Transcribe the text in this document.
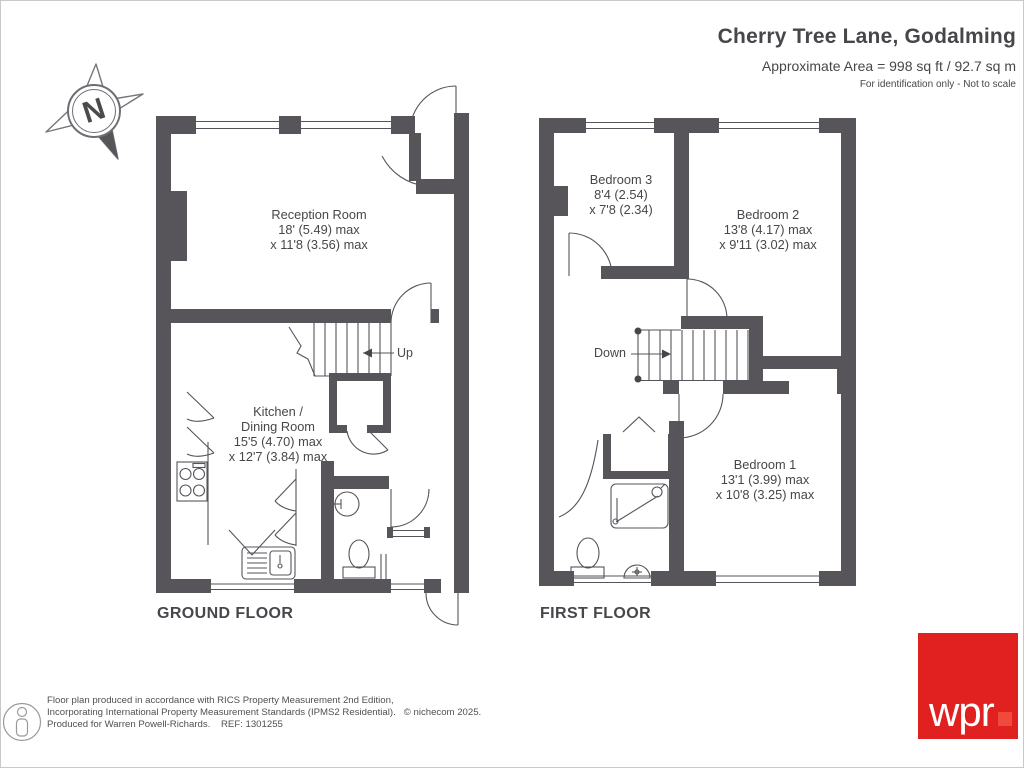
Cherry Tree Lane, Godalming
Approximate Area = 998 sq ft / 92.7 sq m
For identification only - Not to scale
N
Reception Room
18' (5.49) max
x 11'8 (3.56) max
Kitchen /
Dining Room
15'5 (4.70) max
x 12'7 (3.84) max
Bedroom 3
8'4 (2.54)
x 7'8 (2.34)	Bedroom 2
13'8 (4.17) max
x 9'11 (3.02) max
Bedroom 1
13'1 (3.99) max
x 10'8 (3.25) max
Up	Down
GROUND FLOOR	FIRST FLOOR
Floor plan produced in accordance with RICS Property Measurement 2nd Edition,
Incorporating International Property Measurement Standards (IPMS2 Residential).   © nichecom 2025.
Produced for Warren Powell-Richards.    REF: 1301255	wpr
